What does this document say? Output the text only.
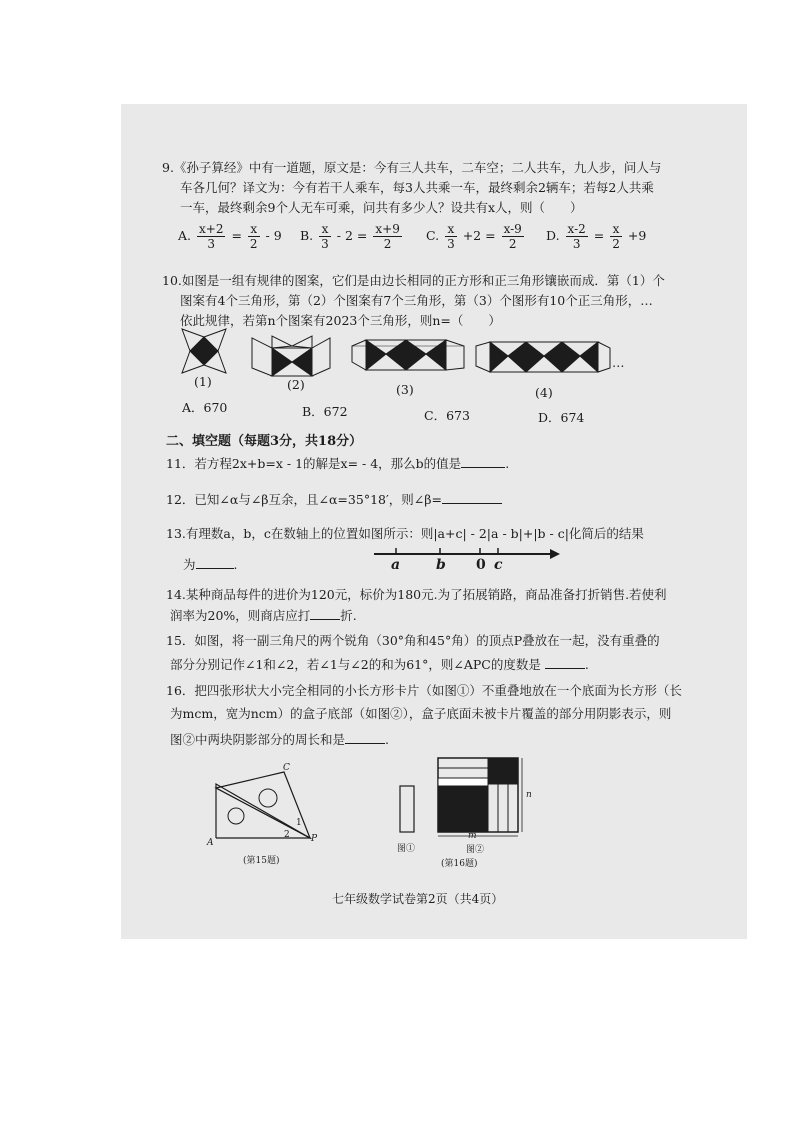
9.《孙子算经》中有一道题，原文是：今有三人共车，二车空；二人共车，九人步，问人与
车各几何？译文为：今有若干人乘车，每3人共乘一车，最终剩余2辆车；若每2人共乘
一车，最终剩余9个人无车可乘，问共有多少人？设共有x人，则（　　）
A. $\frac{x+2}{3} = \frac{x}{2} - 9$ B. $\frac{x}{3} - 2 = \frac{x+9}{2} C$. $\frac{x}{3} +2 = \frac{x-9}{2} D$. $\frac{x-2}{3} = \frac{x}{2} +9$
10.如图是一组有规律的图案，它们是由边长相同的正方形和正三角形镶嵌而成．第（1）个
图案有4个三角形，第（2）个图案有7个三角形，第（3）个图形有10个正三角形，…
依此规律，若第n个图案有2023个三角形，则n=（　　）
…
(1)	(2)	(3)	(4)
A．670	B．672	C．673	D．674
二、填空题（每题3分，共18分）
11．若方程2x+b=x - 1的解是x= - 4，那么b的值是	.
12．已知∠α与∠β互余，且∠α=35°18′，则∠β=
13.有理数a，b，c在数轴上的位置如图所示：则|a+c| - 2|a - b|+|b - c|化简后的结果
为	.	a	b 0 c
14.某种商品每件的进价为120元，标价为180元.为了拓展销路，商品准备打折销售.若使利
润率为20%，则商店应打 折.
15．如图，将一副三角尺的两个锐角（30°角和45°角）的顶点P叠放在一起，没有重叠的
部分分别记作∠1和∠2，若∠1与∠2的和为61°，则∠APC的度数是	.
16．把四张形状大小完全相同的小长方形卡片（如图①）不重叠地放在一个底面为长方形（长
为mcm，宽为ncm）的盒子底部（如图②），盒子底面未被卡片覆盖的部分用阴影表示，则
图②中两块阴影部分的周长和是	.
C
A	P
1
2
(第15题)
m
n
图①	图②
(第16题)
七年级数学试卷第2页（共4页）
